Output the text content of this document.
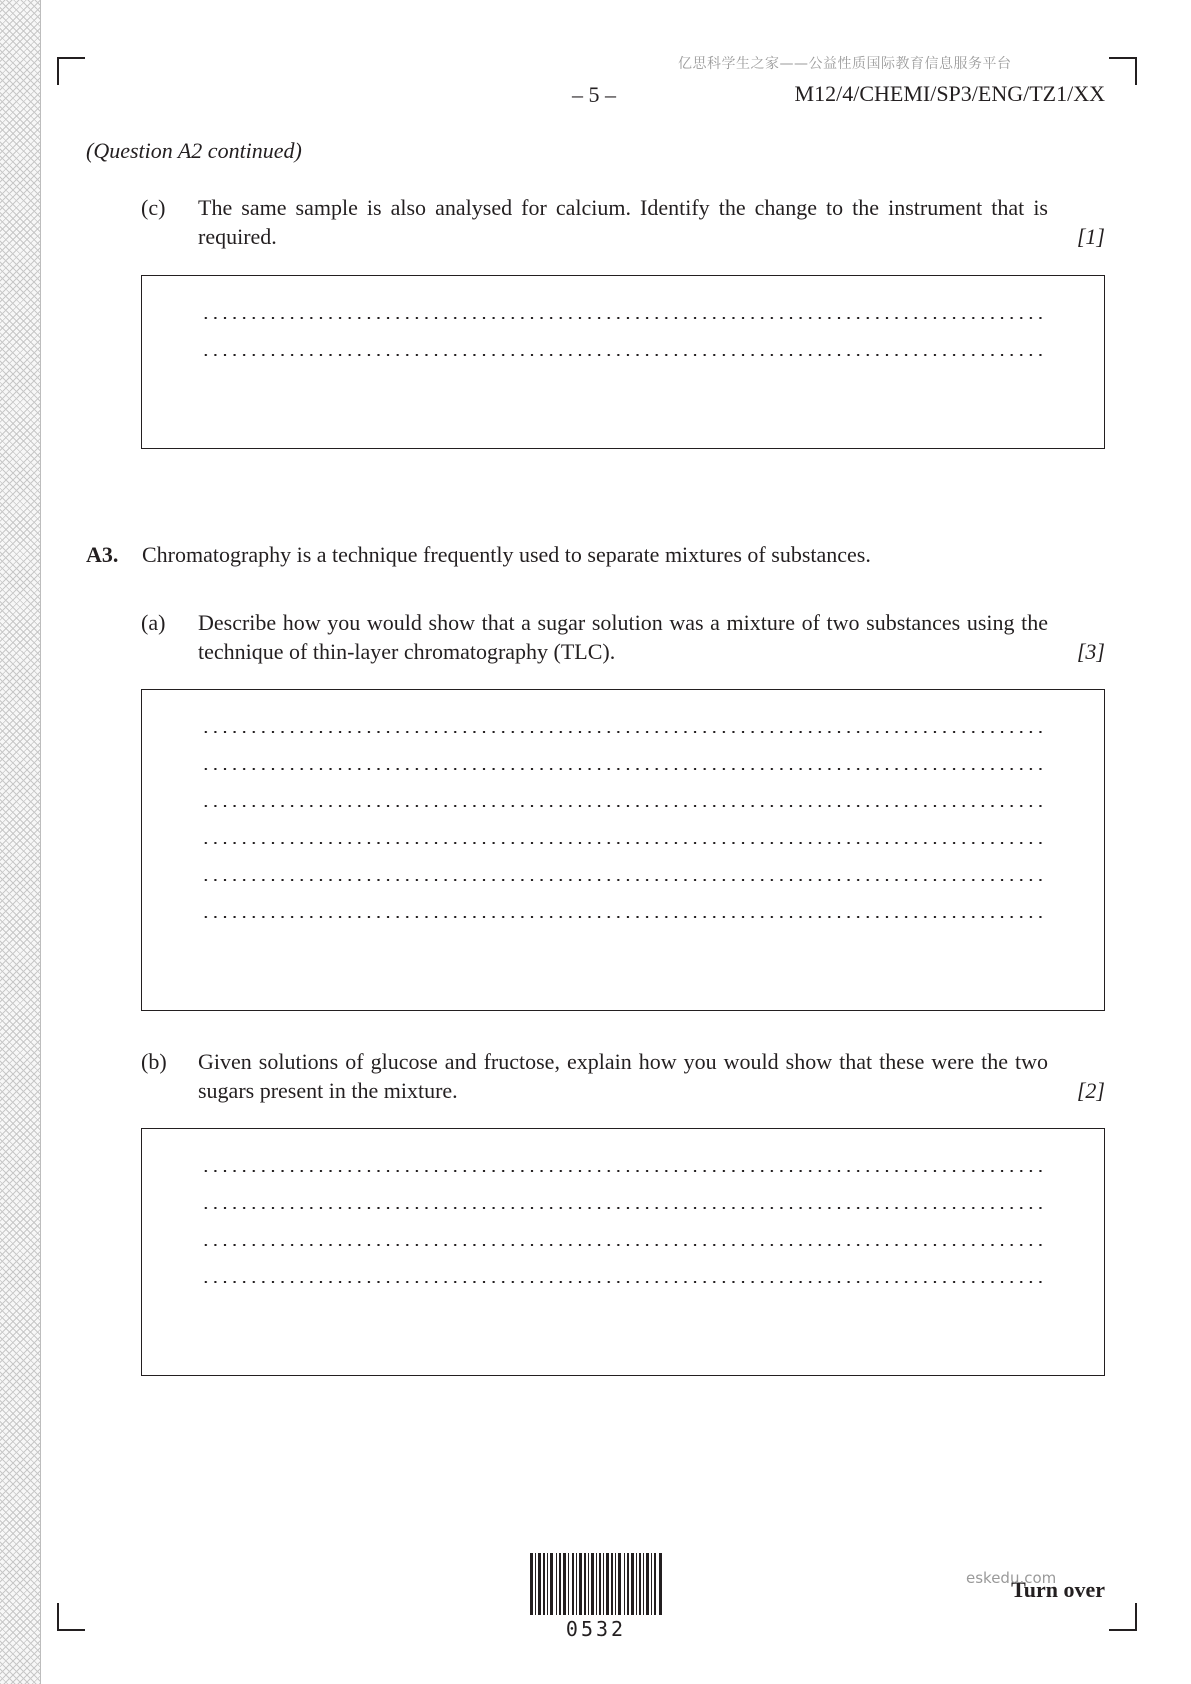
亿思科学生之家——公益性质国际教育信息服务平台
– 5 –	M12/4/CHEMI/SP3/ENG/TZ1/XX
(Question A2 continued)
(c) The same sample is also analysed for calcium. Identify the change to the instrument that is required.	[1]
A3. Chromatography is a technique frequently used to separate mixtures of substances.
(a) Describe how you would show that a sugar solution was a mixture of two substances using the technique of thin-layer chromatography (TLC).	[3]
(b) Given solutions of glucose and fructose, explain how you would show that these were the two sugars present in the mixture.	[2]
0532
eskedu.com
Turn over
